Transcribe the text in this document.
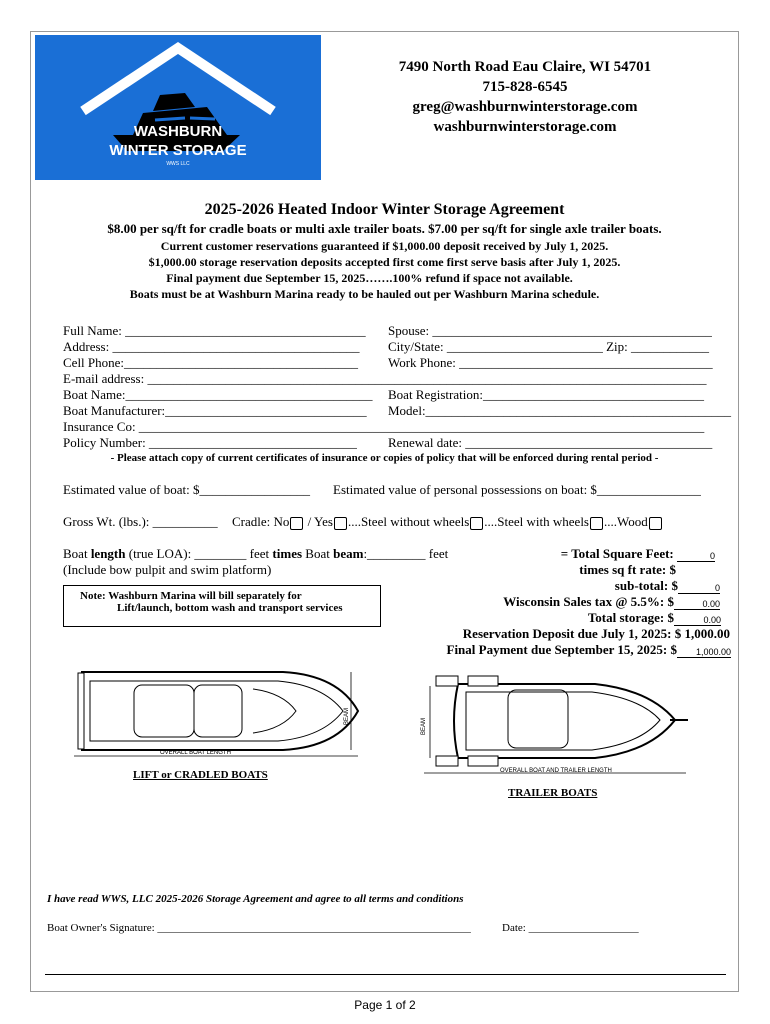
WASHBURN
WINTER STORAGE
WWS LLC
7490 North Road Eau Claire, WI 54701
715-828-6545
greg@washburnwinterstorage.com
washburnwinterstorage.com
2025-2026 Heated Indoor Winter Storage Agreement
$8.00 per sq/ft for cradle boats or multi axle trailer boats. $7.00 per sq/ft for single axle trailer boats.
Current customer reservations guaranteed if $1,000.00 deposit received by July 1, 2025.
$1,000.00 storage reservation deposits accepted first come first serve basis after July 1, 2025.
Final payment due September 15, 2025…….100% refund if space not available.
Boats must be at Washburn Marina ready to be hauled out per Washburn Marina schedule.
Full Name: _____________________________________ Spouse: ___________________________________________
Address: ______________________________________ City/State: ________________________ Zip: ____________
Cell Phone:____________________________________ Work Phone: _______________________________________
E-mail address: ______________________________________________________________________________________
Boat Name:______________________________________ Boat Registration:__________________________________
Boat Manufacturer:_______________________________ Model:_______________________________________________
Insurance Co: _______________________________________________________________________________________
Policy Number: ________________________________ Renewal date: ______________________________________
- Please attach copy of current certificates of insurance or copies of policy that will be enforced during rental period -
Estimated value of boat: $_________________ Estimated value of personal possessions on boat: $________________
Gross Wt. (lbs.): __________ Cradle: No / Yes ....Steel without wheels ....Steel with wheels ....Wood
Boat length (true LOA): ________ feet times Boat beam:_________ feet
(Include bow pulpit and swim platform)
Note: Washburn Marina will bill separately for
Lift/launch, bottom wash and transport services
= Total Square Feet:	0
times sq ft rate: $
sub-total: $	0
Wisconsin Sales tax @ 5.5%: $	0.00
Total storage: $	0.00
Reservation Deposit due July 1, 2025: $ 1,000.00
Final Payment due September 15, 2025: $ 1,000.00
OVERALL BOAT LENGTH
BEAM
LIFT or CRADLED BOATS	OVERALL BOAT AND TRAILER LENGTH
BEAM
TRAILER BOATS
I have read WWS, LLC 2025-2026 Storage Agreement and agree to all terms and conditions
Boat Owner's Signature: _________________________________________________________	Date: ____________________
Page 1 of 2
